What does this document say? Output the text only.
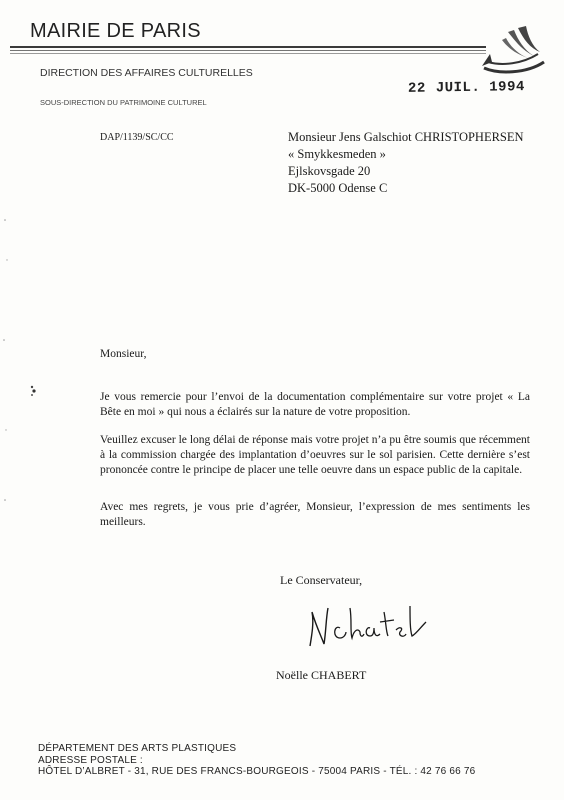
MAIRIE DE PARIS
DIRECTION DES AFFAIRES CULTURELLES
SOUS-DIRECTION DU PATRIMOINE CULTUREL
22 JUIL. 1994
DAP/1139/SC/CC	Monsieur Jens Galschiot CHRISTOPHERSEN
« Smykkesmeden »
Ejlskovsgade 20
DK-5000 Odense C
Monsieur,
Je vous remercie pour l’envoi de la documentation complémentaire sur votre projet « La Bête en moi » qui nous a éclairés sur la nature de votre proposition.
Veuillez excuser le long délai de réponse mais votre projet n’a pu être soumis que récemment à la commission chargée des implantation d’oeuvres sur le sol parisien. Cette dernière s’est prononcée contre le principe de placer une telle oeuvre dans un espace public de la capitale.
Avec mes regrets, je vous prie d’agréer, Monsieur, l’expression de mes sentiments les meilleurs.
Le Conservateur,
Noëlle CHABERT
DÉPARTEMENT DES ARTS PLASTIQUES
ADRESSE POSTALE :
HÔTEL D’ALBRET - 31, RUE DES FRANCS-BOURGEOIS - 75004 PARIS - TÉL. : 42 76 66 76
